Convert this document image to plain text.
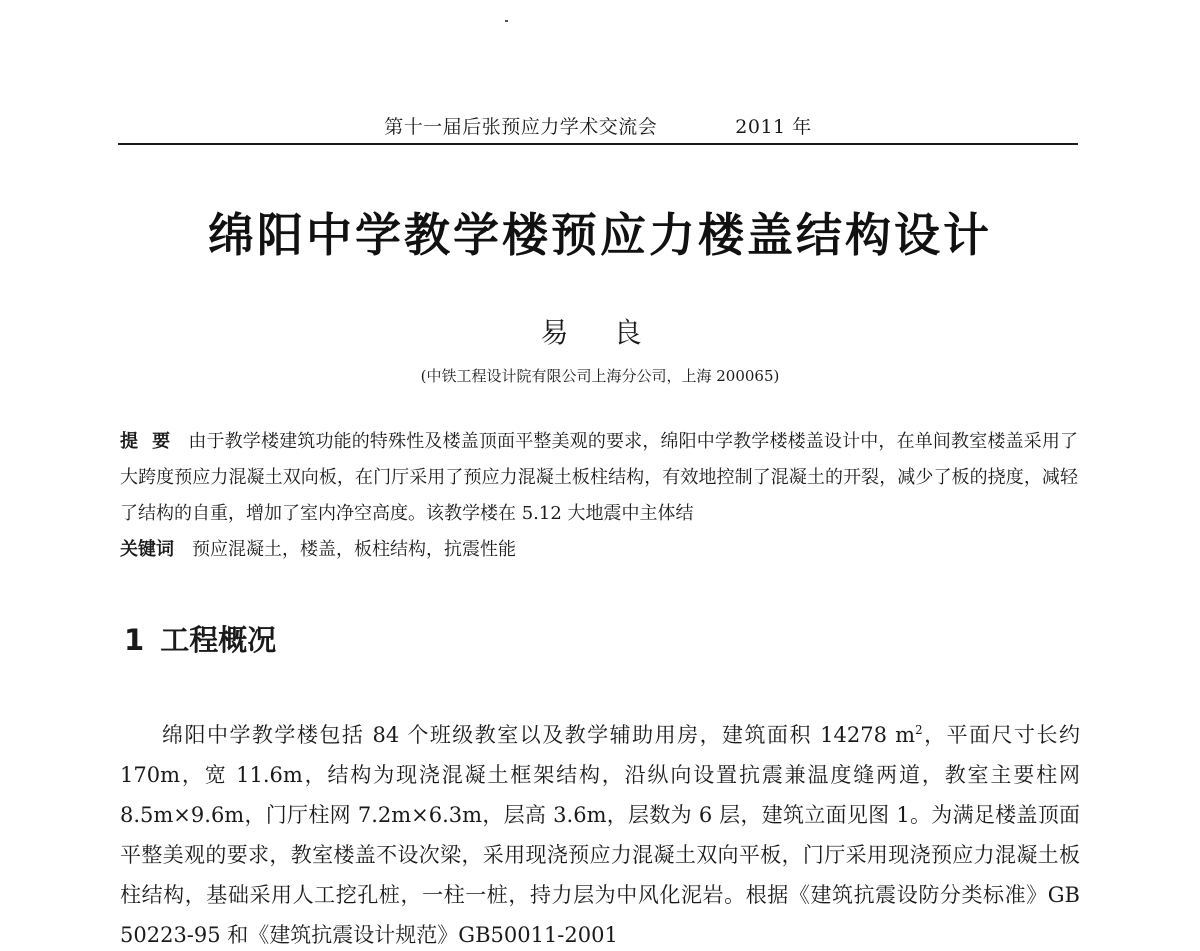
第十一届后张预应力学术交流会	2011 年
绵阳中学教学楼预应力楼盖结构设计
易 良
(中铁工程设计院有限公司上海分公司，上海 200065)

提要 由于教学楼建筑功能的特殊性及楼盖顶面平整美观的要求，绵阳中学教学楼楼盖设计中，在单间教室楼盖采用了大跨度预应力混凝土双向板，在门厅采用了预应力混凝土板柱结构，有效地控制了混凝土的开裂，减少了板的挠度，减轻了结构的自重，增加了室内净空高度。该教学楼在 5.12 大地震中主体结

关键词 预应混凝土，楼盖，板柱结构，抗震性能

1 工程概况

绵阳中学教学楼包括 84 个班级教室以及教学辅助用房，建筑面积 14278 $m^2$，平面尺寸长约 170m，宽 11.6m，结构为现浇混凝土框架结构，沿纵向设置抗震兼温度缝两道，教室主要柱网 8.5m×9.6m，门厅柱网 7.2m×6.3m，层高 3.6m，层数为 6 层，建筑立面见图 1。为满足楼盖顶面平整美观的要求，教室楼盖不设次梁，采用现浇预应力混凝土双向平板，门厅采用现浇预应力混凝土板柱结构，基础采用人工挖孔桩，一柱一桩，持力层为中风化泥岩。根据《建筑抗震设防分类标准》GB 50223-95 和《建筑抗震设计规范》GB50011-2001
